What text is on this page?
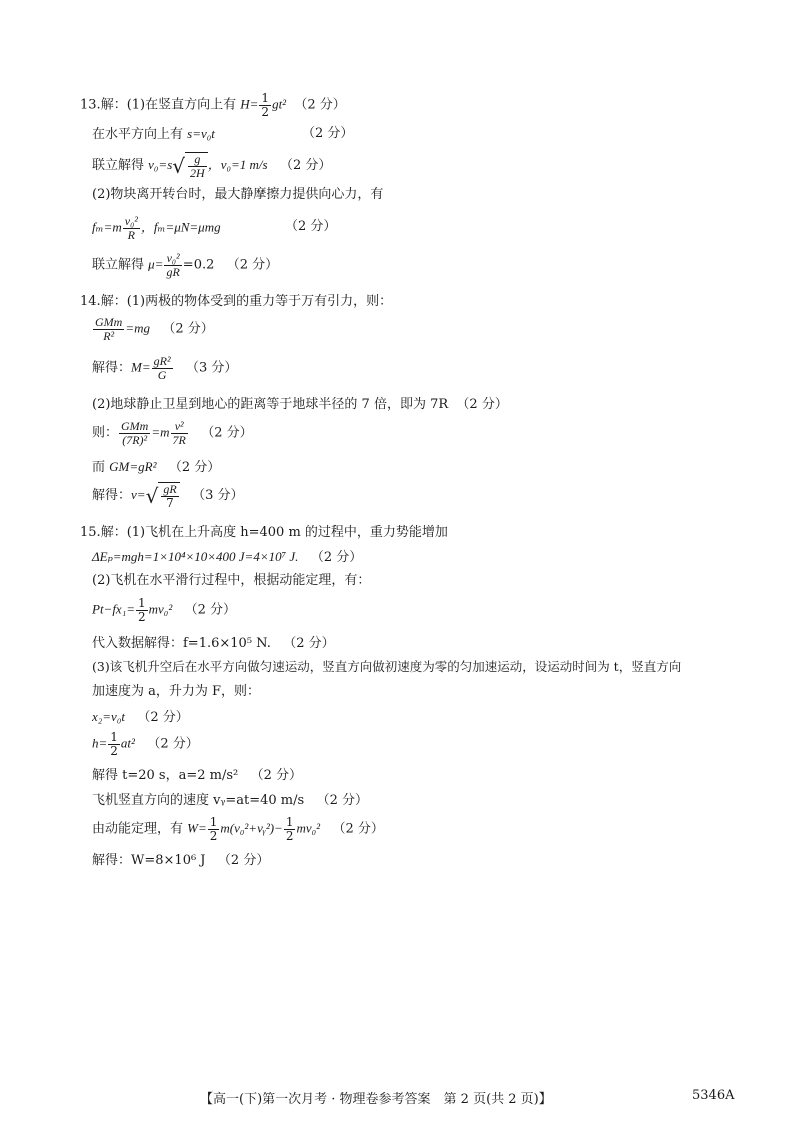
13.解：(1)在竖直方向上有 $H= \frac{1}{2} gt^2$ （2 分）
在水平方向上有 s=v₀t	（2 分）
联立解得 $v_0=s√ \frac{g}{2H}$ ，v₀=1 m/s （2 分）
(2)物块离开转台时，最大静摩擦力提供向心力，有
$f_m=m \frac{\text{v₀²}}{R}$ ，fₘ=μN=μmg	（2 分）
联立解得 $\mu= \frac{\text{v₀²}}{gR} =0.2$ （2 分）
14.解：(1)两极的物体受到的重力等于万有引力，则：
$\frac{\text{GMm}}{\text{R²}} =mg$ （2 分）
解得：$M= \frac{\text{gR²}}{G} (3$ 分）
(2)地球静止卫星到地心的距离等于地球半径的 7 倍，即为 7R （2 分）
则： $\frac{\text{GMm}}{\text{(7R)²}} =m \frac{\text{v²}}{7R} (2$ 分）
而 GM=gR² （2 分）
解得：$v=√ \frac{gR}{7} (3$ 分）
15.解：(1)飞机在上升高度 h=400 m 的过程中，重力势能增加
ΔEₚ=mgh=1×10⁴×10×400 J=4×10⁷ J. （2 分）
(2)飞机在水平滑行过程中，根据动能定理，有：
$Pt-fx_1= \frac{1}{2} mv_0^2$ （2 分）
代入数据解得：f=1.6×10⁵ N. （2 分）
(3)该飞机升空后在水平方向做匀速运动，竖直方向做初速度为零的匀加速运动，设运动时间为 t，竖直方向
加速度为 a，升力为 F，则：
x₂=v₀t （2 分）
$h= \frac{1}{2} at^2$ （2 分）
解得 t=20 s，a=2 m/s² （2 分）
飞机竖直方向的速度 vᵧ=at=40 m/s （2 分）
由动能定理，有 $W= \frac{1}{2}$ m(v₀²+vᵧ²)− $\frac{1}{2} mv_0^2$ （2 分）
解得：W=8×10⁶ J （2 分）
【高一(下)第一次月考 · 物理卷参考答案　第 2 页(共 2 页)】	5346A
